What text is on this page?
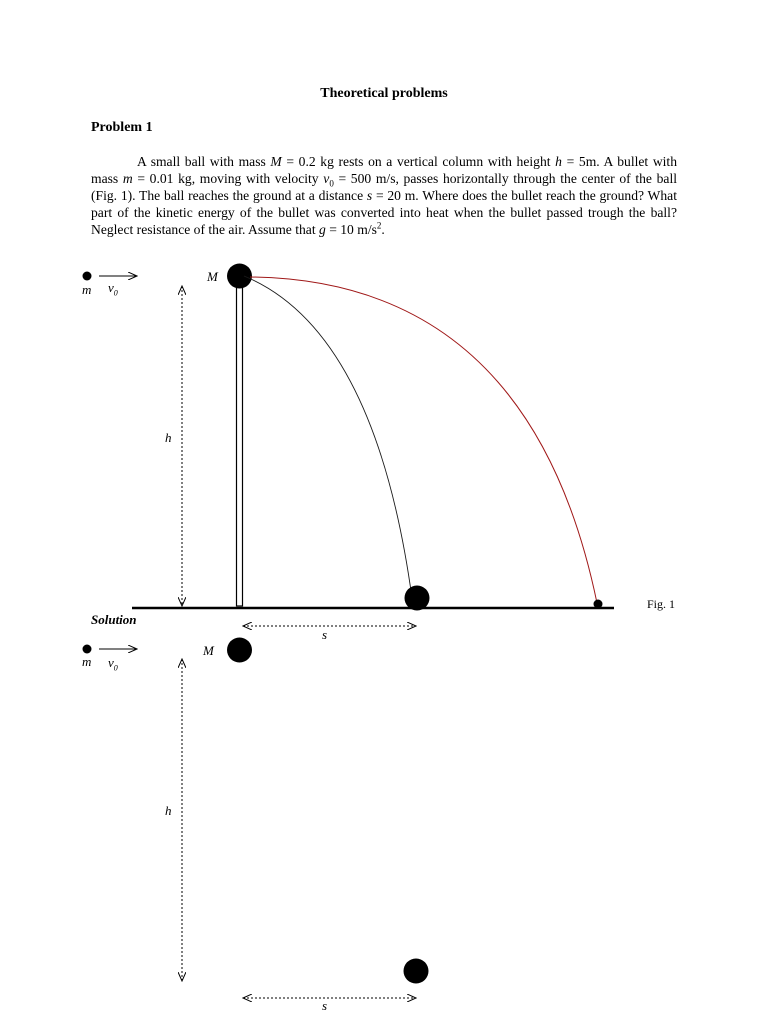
Theoretical problems
Problem 1
A small ball with mass M = 0.2 kg rests on a vertical column with height h = 5m. A bullet with mass m = 0.01 kg, moving with velocity $v_0 = 500$ m/s, passes horizontally through the center of the ball (Fig. 1). The ball reaches the ground at a distance s = 20 m. Where does the bullet reach the ground? What part of the kinetic energy of the bullet was converted into heat when the bullet passed trough the ball? Neglect resistance of the air. Assume that g = 10 $m/s^2$.
M
m $v_0$
h
s
Fig. 1
Solution
M
m $v_0$
h
s
